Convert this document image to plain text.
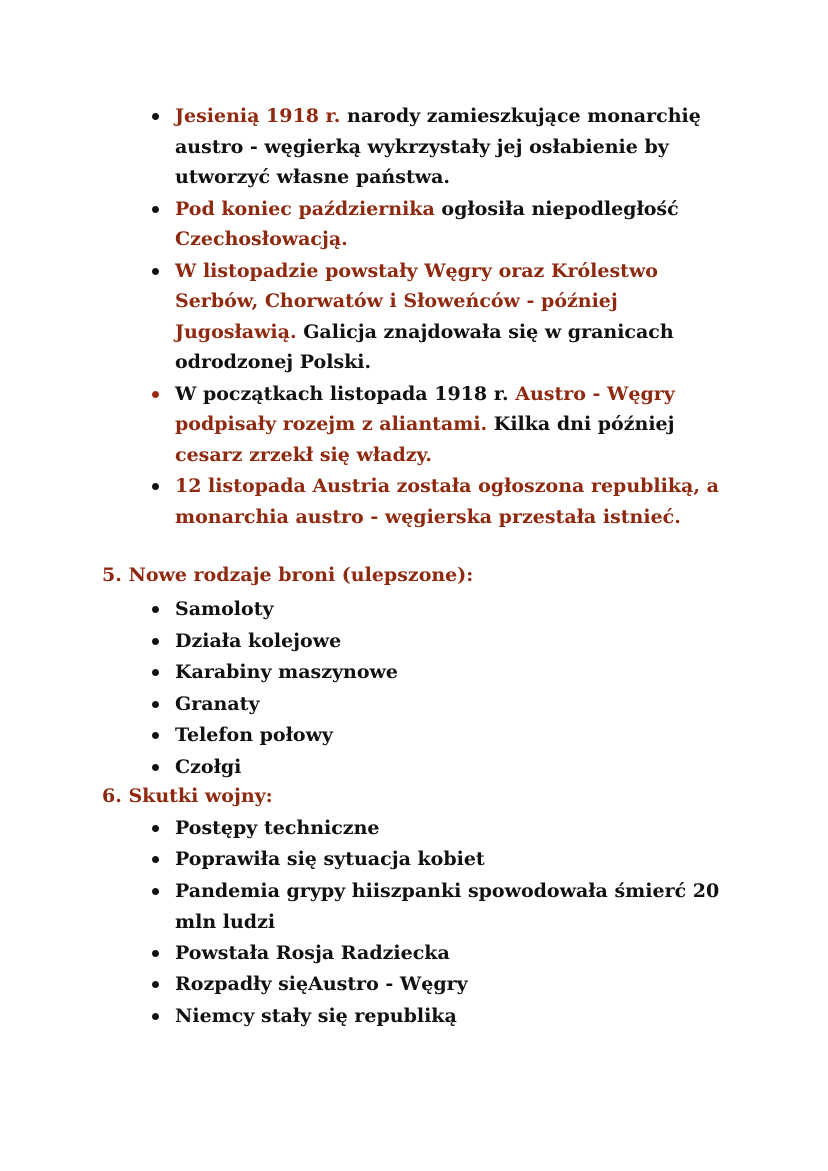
Jesienią 1918 r. narody zamieszkujące monarchię austro - węgierką wykrzystały jej osłabienie by utworzyć własne państwa.
Pod koniec października ogłosiła niepodległość Czechosłowacją.
W listopadzie powstały Węgry oraz Królestwo Serbów, Chorwatów i Słoweńców - później Jugosławią. Galicja znajdowała się w granicach odrodzonej Polski.
W początkach listopada 1918 r. Austro - Węgry podpisały rozejm z aliantami. Kilka dni później cesarz zrzekł się władzy.
12 listopada Austria została ogłoszona republiką, a monarchia austro - węgierska przestała istnieć.
5. Nowe rodzaje broni (ulepszone):
Samoloty
Działa kolejowe
Karabiny maszynowe
Granaty
Telefon połowy
Czołgi
6. Skutki wojny:
Postępy techniczne
Poprawiła się sytuacja kobiet
Pandemia grypy hiiszpanki spowodowała śmierć 20 mln ludzi
Powstała Rosja Radziecka
Rozpadły sięAustro - Węgry
Niemcy stały się republiką
